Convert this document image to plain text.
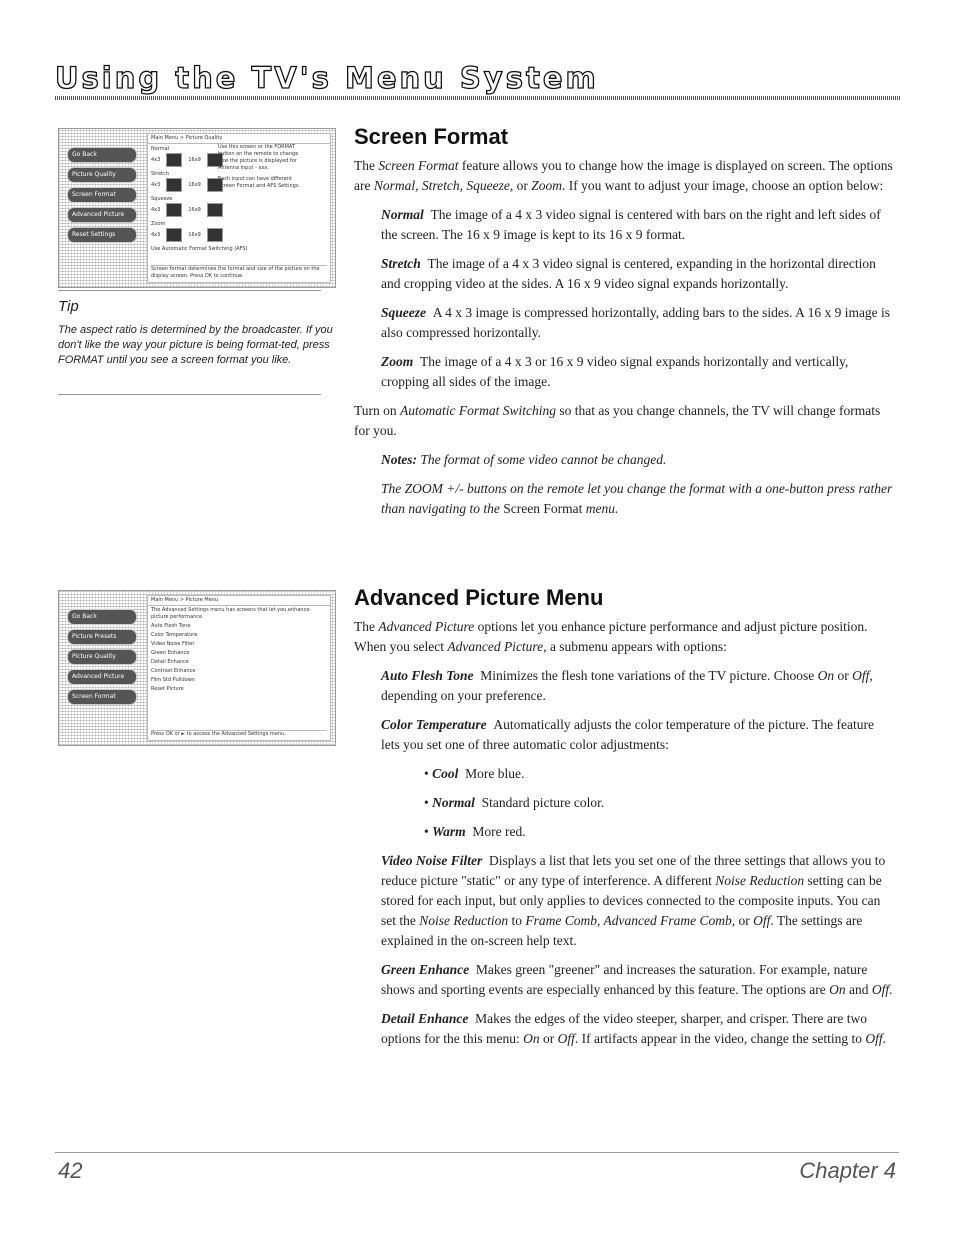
Using the TV's Menu System
Go Back
Picture Quality
Screen Format
Advanced Picture
Reset Settings
Main Menu > Picture Quality
Normal
4x3	16x9
Stretch
4x3	16x9
Squeeze
4x3	16x9
Zoom
4x3	16x9
Use Automatic Format Switching (AFS)
Use this screen or the FORMAT button on the remote to change how the picture is displayed for Antenna input - xxx.
Each input can have different Screen Format and AFS Settings.
Screen format determines the format and size of the picture on the display screen. Press OK to continue.
Tip
The aspect ratio is determined by the broadcaster. If you don't like the way your picture is being format-ted, press FORMAT until you see a screen format you like.
Go Back
Picture Presets
Picture Quality
Advanced Picture
Screen Format
Main Menu > Picture Menu
The Advanced Settings menu has screens that let you enhance picture performance.
Auto Flesh Tone
Color Temperature
Video Noise Filter
Green Enhance
Detail Enhance
Contrast Enhance
Film Std Pulldown
Reset Picture
Press OK or ► to access the Advanced Settings menu.
Screen Format

The Screen Format feature allows you to change how the image is displayed on screen. The options are Normal, Stretch, Squeeze, or Zoom. If you want to adjust your image, choose an option below:

Normal The image of a 4 x 3 video signal is centered with bars on the right and left sides of the screen. The 16 x 9 image is kept to its 16 x 9 format.

Stretch The image of a 4 x 3 video signal is centered, expanding in the horizontal direction and cropping video at the sides. A 16 x 9 video signal expands horizontally.

Squeeze A 4 x 3 image is compressed horizontally, adding bars to the sides. A 16 x 9 image is also compressed horizontally.

Zoom The image of a 4 x 3 or 16 x 9 video signal expands horizontally and vertically, cropping all sides of the image.

Turn on Automatic Format Switching so that as you change channels, the TV will change formats for you.

Notes: The format of some video cannot be changed.

The ZOOM +/- buttons on the remote let you change the format with a one-button press rather than navigating to the Screen Format menu.

Advanced Picture Menu

The Advanced Picture options let you enhance picture performance and adjust picture position. When you select Advanced Picture, a submenu appears with options:

Auto Flesh Tone Minimizes the flesh tone variations of the TV picture. Choose On or Off, depending on your preference.

Color Temperature Automatically adjusts the color temperature of the picture. The feature lets you set one of three automatic color adjustments:

• Cool More blue.

• Normal Standard picture color.

• Warm More red.

Video Noise Filter Displays a list that lets you set one of the three settings that allows you to reduce picture "static" or any type of interference. A different Noise Reduction setting can be stored for each input, but only applies to devices connected to the composite inputs. You can set the Noise Reduction to Frame Comb, Advanced Frame Comb, or Off. The settings are explained in the on-screen help text.

Green Enhance Makes green "greener" and increases the saturation. For example, nature shows and sporting events are especially enhanced by this feature. The options are On and Off.

Detail Enhance Makes the edges of the video steeper, sharper, and crisper. There are two options for the this menu: On or Off. If artifacts appear in the video, change the setting to Off.

42	Chapter 4
